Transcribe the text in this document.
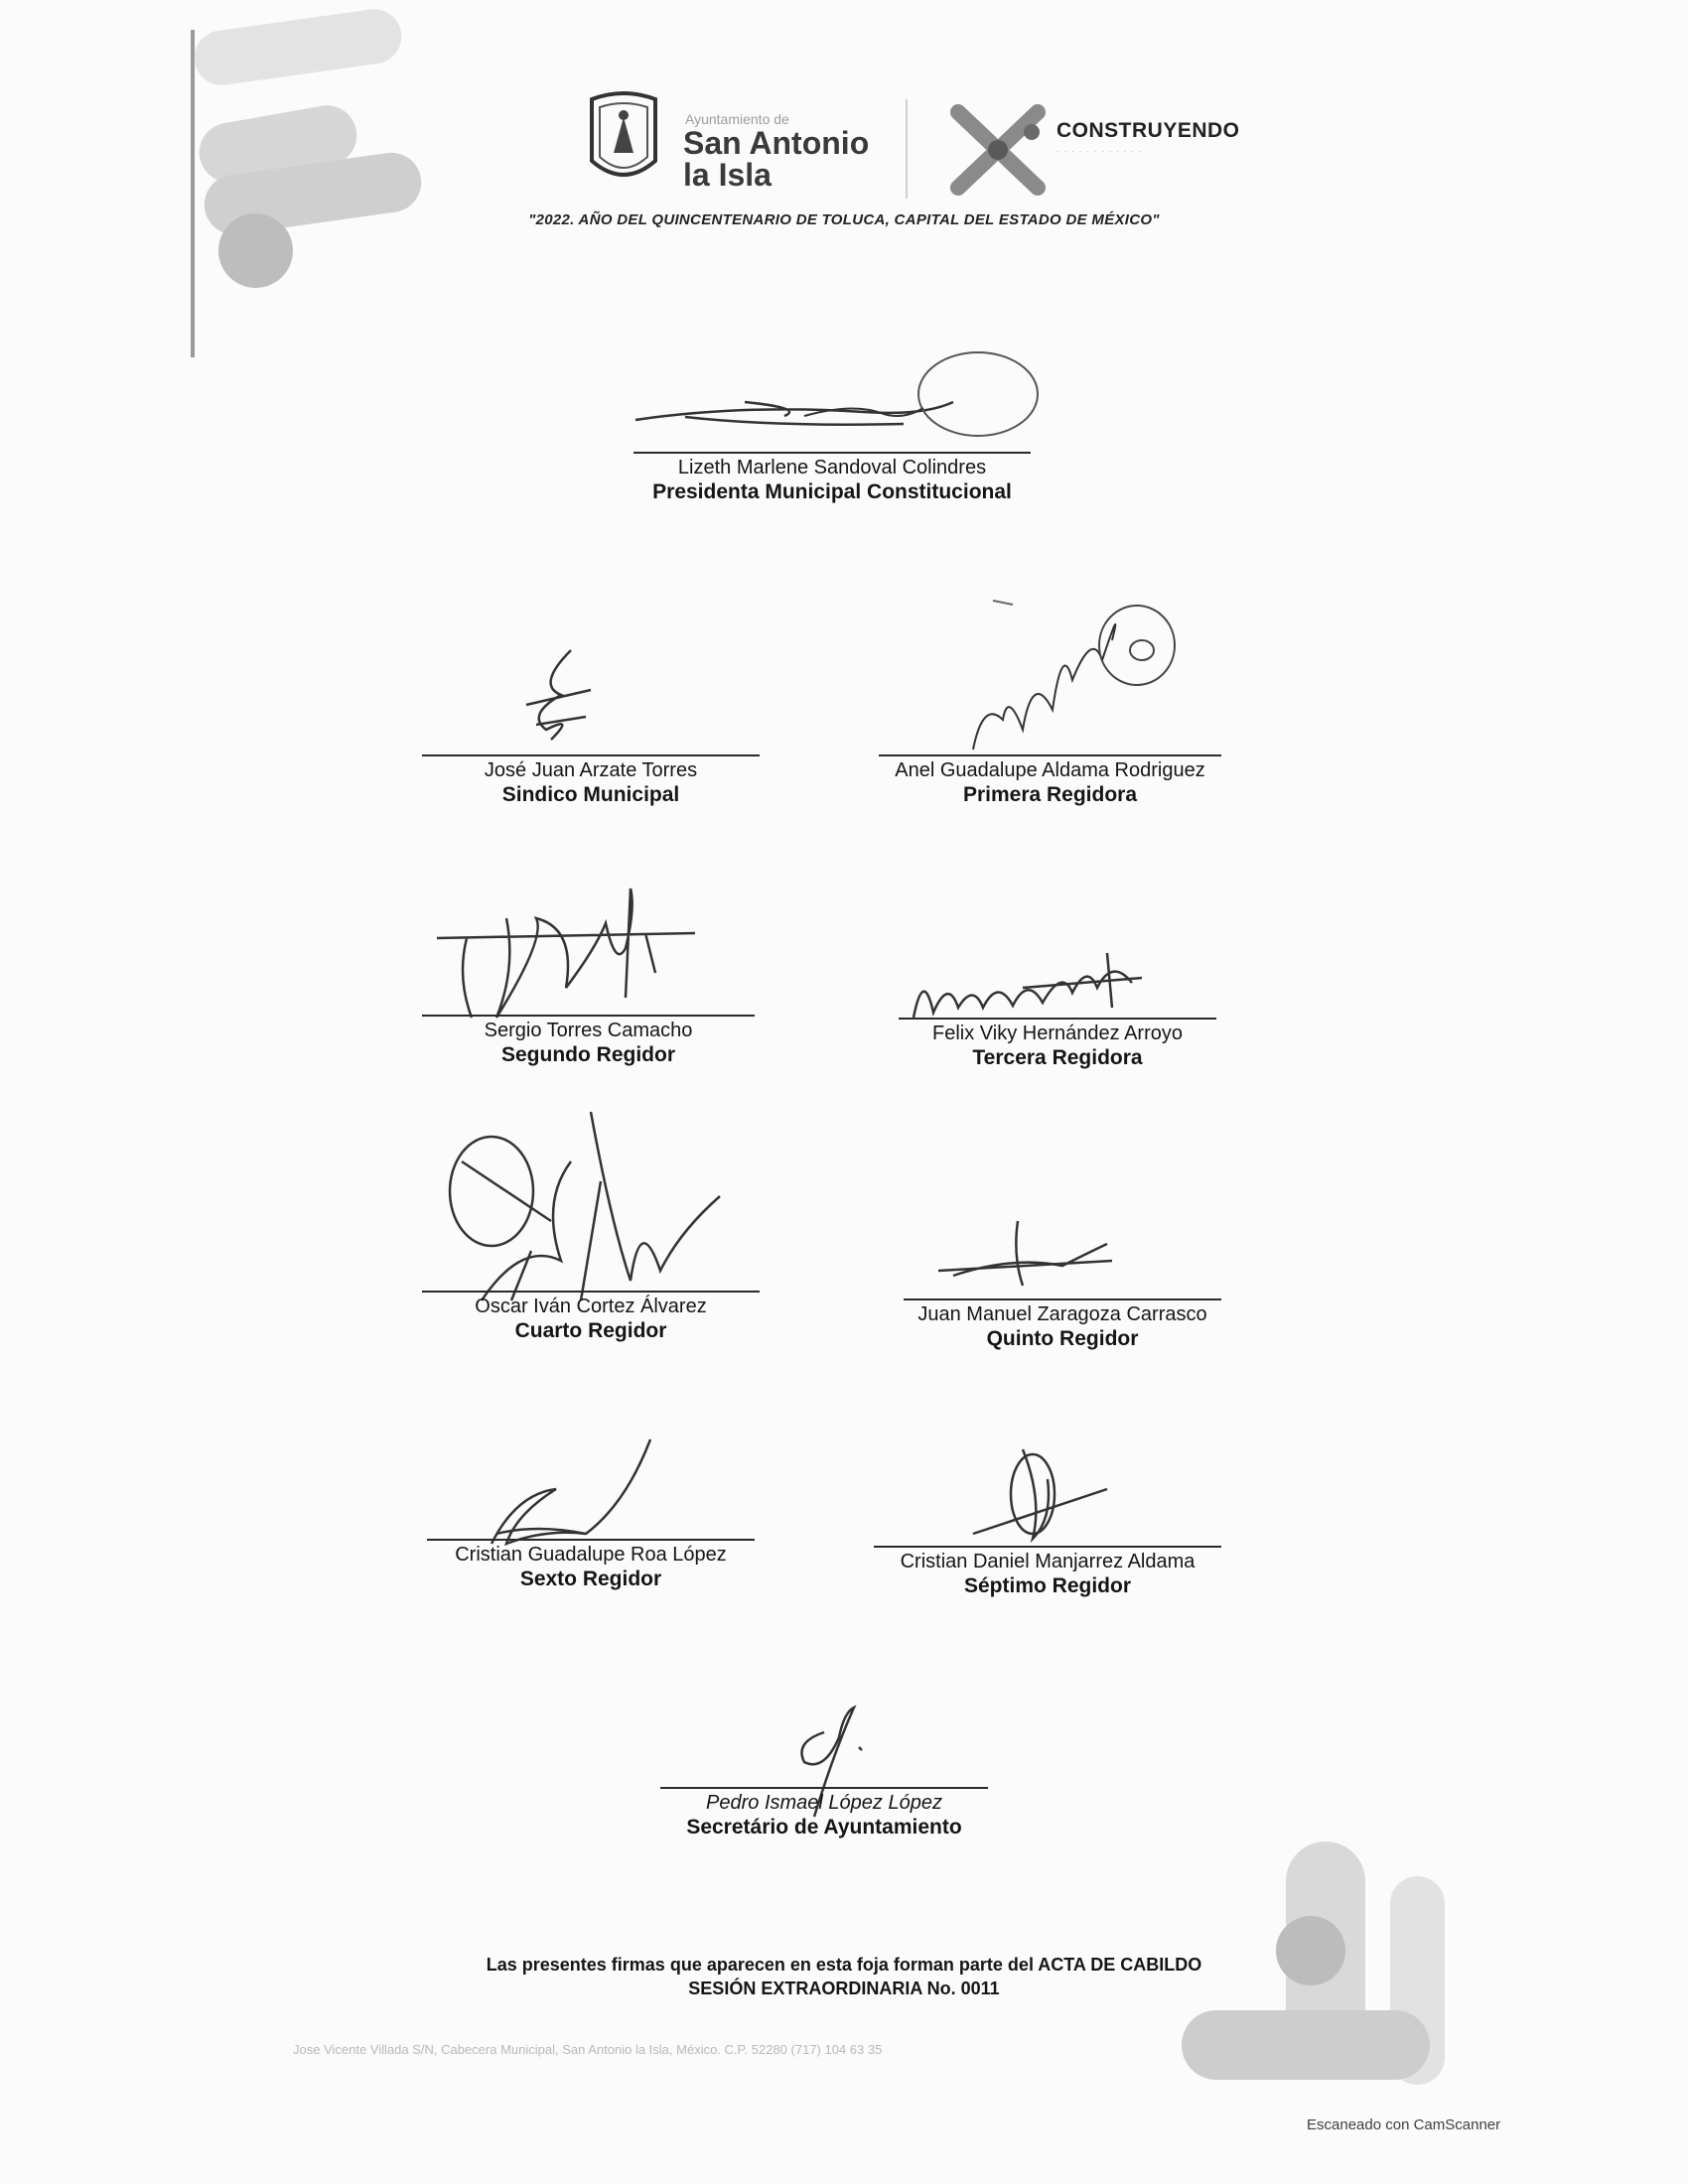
Ayuntamiento de
San Antonio
la Isla
CONSTRUYENDO
· · · · · · · · · · · ·
"2022. AÑO DEL QUINCENTENARIO DE TOLUCA, CAPITAL DEL ESTADO DE MÉXICO"
Lizeth Marlene Sandoval Colindres
Presidenta Municipal Constitucional
José Juan Arzate Torres
Sindico Municipal
Anel Guadalupe Aldama Rodriguez
Primera Regidora
Sergio Torres Camacho
Segundo Regidor
Felix Viky Hernández Arroyo
Tercera Regidora
Oscar Iván Cortez Álvarez
Cuarto Regidor
Juan Manuel Zaragoza Carrasco
Quinto Regidor
Cristian Guadalupe Roa López
Sexto Regidor
Cristian Daniel Manjarrez Aldama
Séptimo Regidor
Pedro Ismael López López
Secretário de Ayuntamiento
Las presentes firmas que aparecen en esta foja forman parte del ACTA DE CABILDO
SESIÓN EXTRAORDINARIA No. 0011
Jose Vicente Villada S/N, Cabecera Municipal, San Antonio la Isla, México. C.P. 52280 (717) 104 63 35
Escaneado con CamScanner
